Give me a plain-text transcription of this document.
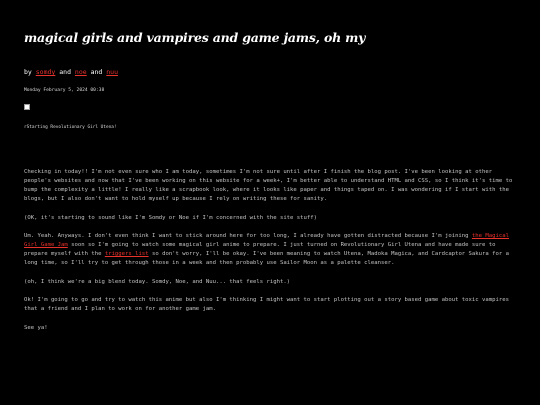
magical girls and vampires and game jams, oh my
by somdy and noe and nuu
Monday February 5, 2024 00:38
rStarting Revolutionary Girl Utena!

Checking in today!! I'm not even sure who I am today, sometimes I'm not sure until after I finish the blog post. I've been looking at other people's websites and now that I've been working on this website for a week+, I'm better able to understand HTML and CSS, so I think it's time to bump the complexity a little! I really like a scrapbook look, where it looks like paper and things taped on. I was wondering if I start with the blogs, but I also don't want to hold myself up because I rely on writing these for sanity.

(OK, it's starting to sound like I'm Somdy or Noe if I'm concerned with the site stuff)

Um. Yeah. Anyways. I don't even think I want to stick around here for too long, I already have gotten distracted because I'm joining the Magical Girl Game Jam soon so I'm going to watch some magical girl anime to prepare. I just turned on Revolutionary Girl Utena and have made sure to prepare myself with the triggers list so don't worry, I'll be okay. I've been meaning to watch Utena, Madoka Magica, and Cardcaptor Sakura for a long time, so I'll try to get through those in a week and then probably use Sailor Moon as a palette cleanser.

(oh, I think we're a big blend today. Somdy, Noe, and Nuu... that feels right.)

Ok! I'm going to go and try to watch this anime but also I'm thinking I might want to start plotting out a story based game about toxic vampires that a friend and I plan to work on for another game jam.

See ya!
